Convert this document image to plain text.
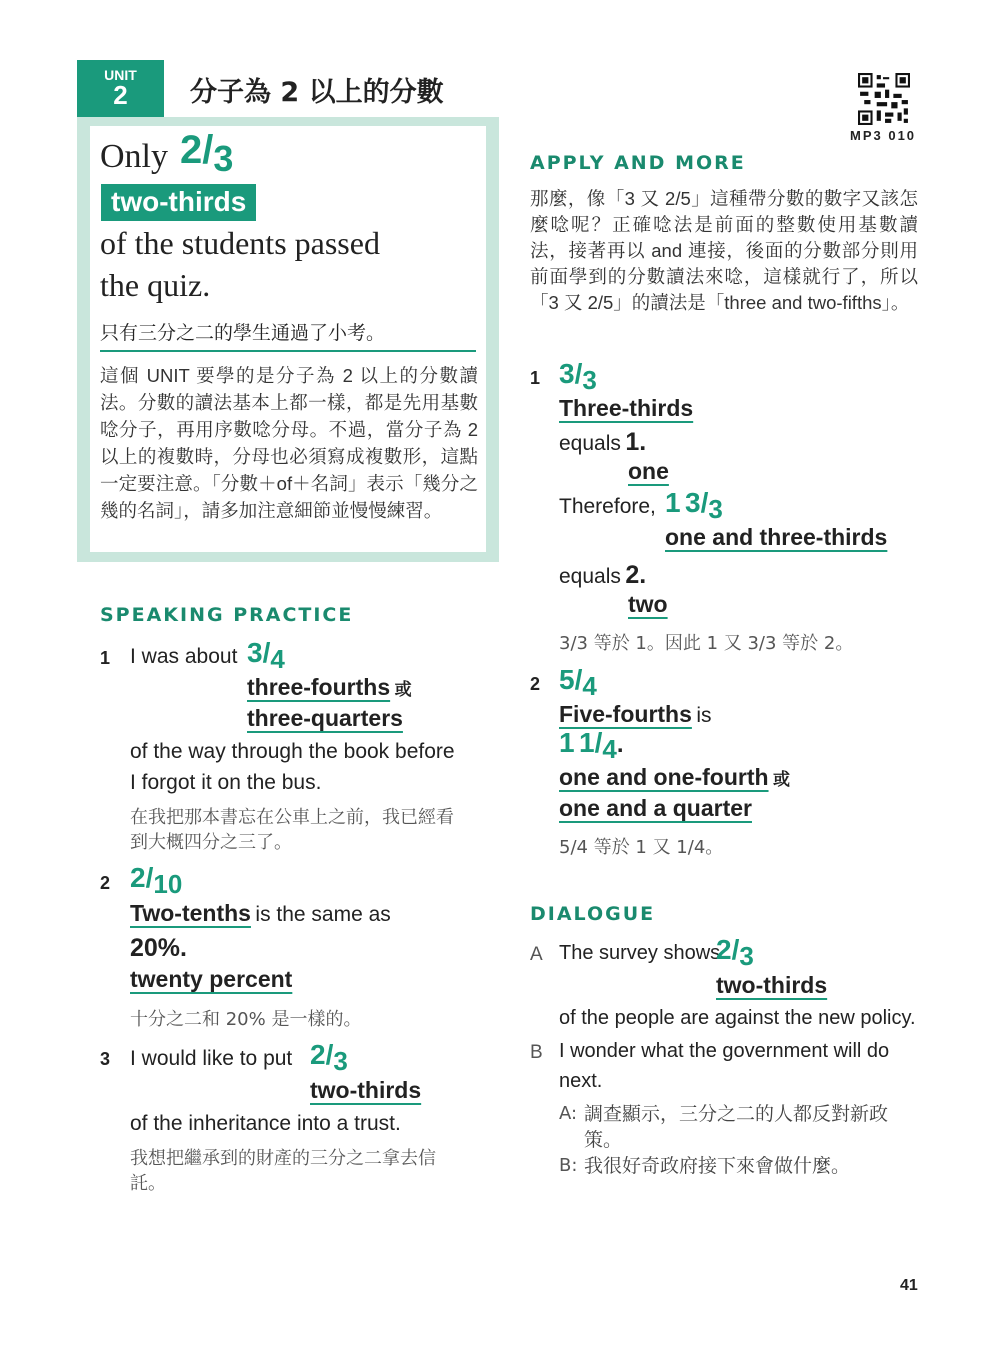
UNIT
2	分子為 2 以上的分數
MP3 010
Only 2/3
two-thirds
of the students passed
the quiz.
只有三分之二的學生通過了小考。
這個 UNIT 要學的是分子為 2 以上的分數讀法。分數的讀法基本上都一樣，都是先用基數唸分子，再用序數唸分母。不過，當分子為 2 以上的複數時，分母也必須寫成複數形，這點一定要注意。「分數＋of＋名詞」表示「幾分之幾的名詞」，請多加注意細節並慢慢練習。
SPEAKING PRACTICE
1 I was about 3/4
three-fourths 或
three-quarters
of the way through the book before
I forgot it on the bus.
在我把那本書忘在公車上之前，我已經看
到大概四分之三了。
2 2/10
Two-tenths is the same as
20%.
twenty percent
十分之二和 20% 是一樣的。
3 I would like to put 2/3
two-thirds
of the inheritance into a trust.
我想把繼承到的財產的三分之二拿去信
託。
APPLY AND MORE
那麼，像「3 又 2/5」這種帶分數的數字又該怎麼唸呢？正確唸法是前面的整數使用基數讀法，接著再以 and 連接，後面的分數部分則用前面學到的分數讀法來唸，這樣就行了，所以「3 又 2/5」的讀法是「three and two-fifths」。
1 3/3
Three-thirds
equals 1.
one
Therefore, 1 3/3
one and three-thirds
equals 2.
two
3/3 等於 1。因此 1 又 3/3 等於 2。
2 5/4
Five-fourths is
1 1/4.
one and one-fourth 或
one and a quarter
5/4 等於 1 又 1/4。
DIALOGUE
A The survey shows
2/3
two-thirds
of the people are against the new policy.
B I wonder what the government will do
next.
A: 調查顯示，三分之二的人都反對新政
策。
B: 我很好奇政府接下來會做什麼。
41
